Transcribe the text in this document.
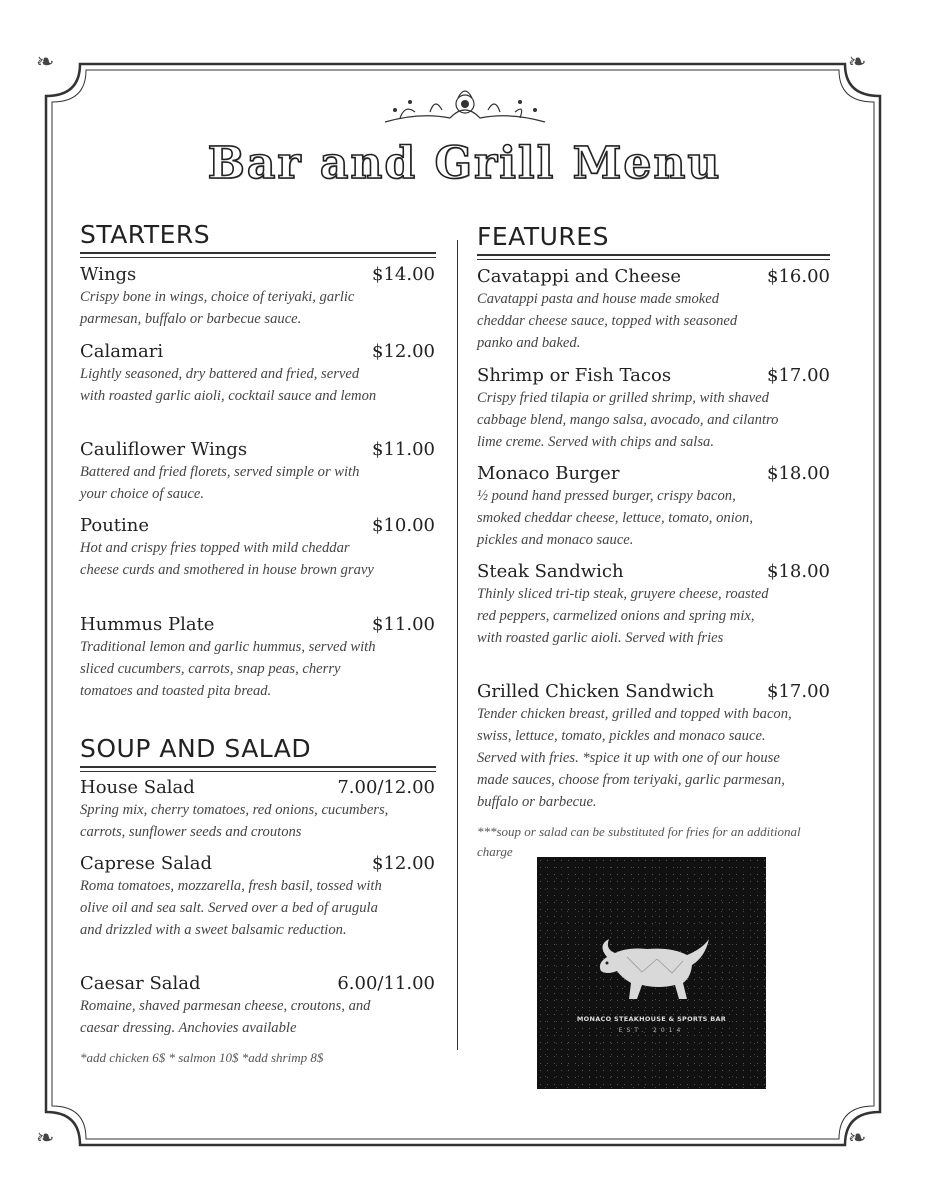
❧	❧
❧	❧
Bar and Grill Menu
STARTERS
Wings	$14.00
Crispy bone in wings, choice of teriyaki, garlic parmesan, buffalo or barbecue sauce.
Calamari	$12.00
Lightly seasoned, dry battered and fried, served with roasted garlic aioli, cocktail sauce and lemon
Cauliflower Wings	$11.00
Battered and fried florets, served simple or with your choice of sauce.
Poutine	$10.00
Hot and crispy fries topped with mild cheddar cheese curds and smothered in house brown gravy
Hummus Plate	$11.00
Traditional lemon and garlic hummus, served with sliced cucumbers, carrots, snap peas, cherry tomatoes and toasted pita bread.
SOUP AND SALAD
House Salad	7.00/12.00
Spring mix, cherry tomatoes, red onions, cucumbers, carrots, sunflower seeds and croutons
Caprese Salad	$12.00
Roma tomatoes, mozzarella, fresh basil, tossed with olive oil and sea salt. Served over a bed of arugula and drizzled with a sweet balsamic reduction.
Caesar Salad	6.00/11.00
Romaine, shaved parmesan cheese, croutons, and caesar dressing. Anchovies available
*add chicken 6$ * salmon 10$ *add shrimp 8$
FEATURES
Cavatappi and Cheese	$16.00
Cavatappi pasta and house made smoked cheddar cheese sauce, topped with seasoned panko and baked.
Shrimp or Fish Tacos	$17.00
Crispy fried tilapia or grilled shrimp, with shaved cabbage blend, mango salsa, avocado, and cilantro lime creme. Served with chips and salsa.
Monaco Burger	$18.00
½ pound hand pressed burger, crispy bacon, smoked cheddar cheese, lettuce, tomato, onion, pickles and monaco sauce.
Steak Sandwich	$18.00
Thinly sliced tri-tip steak, gruyere cheese, roasted red peppers, carmelized onions and spring mix, with roasted garlic aioli. Served with fries
Grilled Chicken Sandwich	$17.00
Tender chicken breast, grilled and topped with bacon, swiss, lettuce, tomato, pickles and monaco sauce. Served with fries. *spice it up with one of our house made sauces, choose from teriyaki, garlic parmesan, buffalo or barbecue.
***soup or salad can be substituted for fries for an additional charge
MONACO STEAKHOUSE & SPORTS BAR
EST. 2014
